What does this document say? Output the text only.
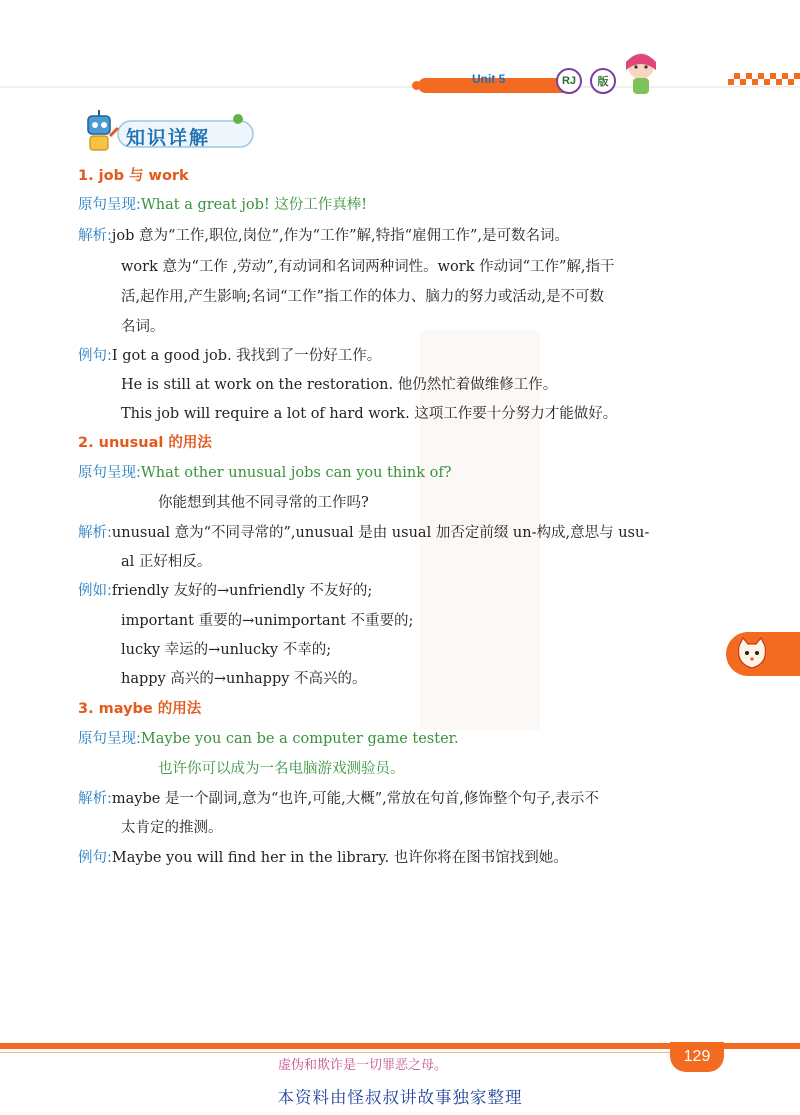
Unit 5	RJ	版
知识详解
1. job 与 work
原句呈现:What a great job! 这份工作真棒!
解析:job 意为“工作,职位,岗位”,作为“工作”解,特指“雇佣工作”,是可数名词。
work 意为“工作 ,劳动”,有动词和名词两种词性。work 作动词“工作”解,指干
活,起作用,产生影响;名词“工作”指工作的体力、脑力的努力或活动,是不可数
名词。
例句:I got a good job. 我找到了一份好工作。
He is still at work on the restoration. 他仍然忙着做维修工作。
This job will require a lot of hard work. 这项工作要十分努力才能做好。
2. unusual 的用法
原句呈现:What other unusual jobs can you think of?
你能想到其他不同寻常的工作吗?
解析:unusual 意为“不同寻常的”,unusual 是由 usual 加否定前缀 un-构成,意思与 usu-
al 正好相反。
例如:friendly 友好的→unfriendly 不友好的;
important 重要的→unimportant 不重要的;
lucky 幸运的→unlucky 不幸的;
happy 高兴的→unhappy 不高兴的。
3. maybe 的用法
原句呈现:Maybe you can be a computer game tester.
也许你可以成为一名电脑游戏测验员。
解析:maybe 是一个副词,意为“也许,可能,大概”,常放在句首,修饰整个句子,表示不
太肯定的推测。
例句:Maybe you will find her in the library. 也许你将在图书馆找到她。
129
虚伪和欺诈是一切罪恶之母。
本资料由怪叔叔讲故事独家整理
